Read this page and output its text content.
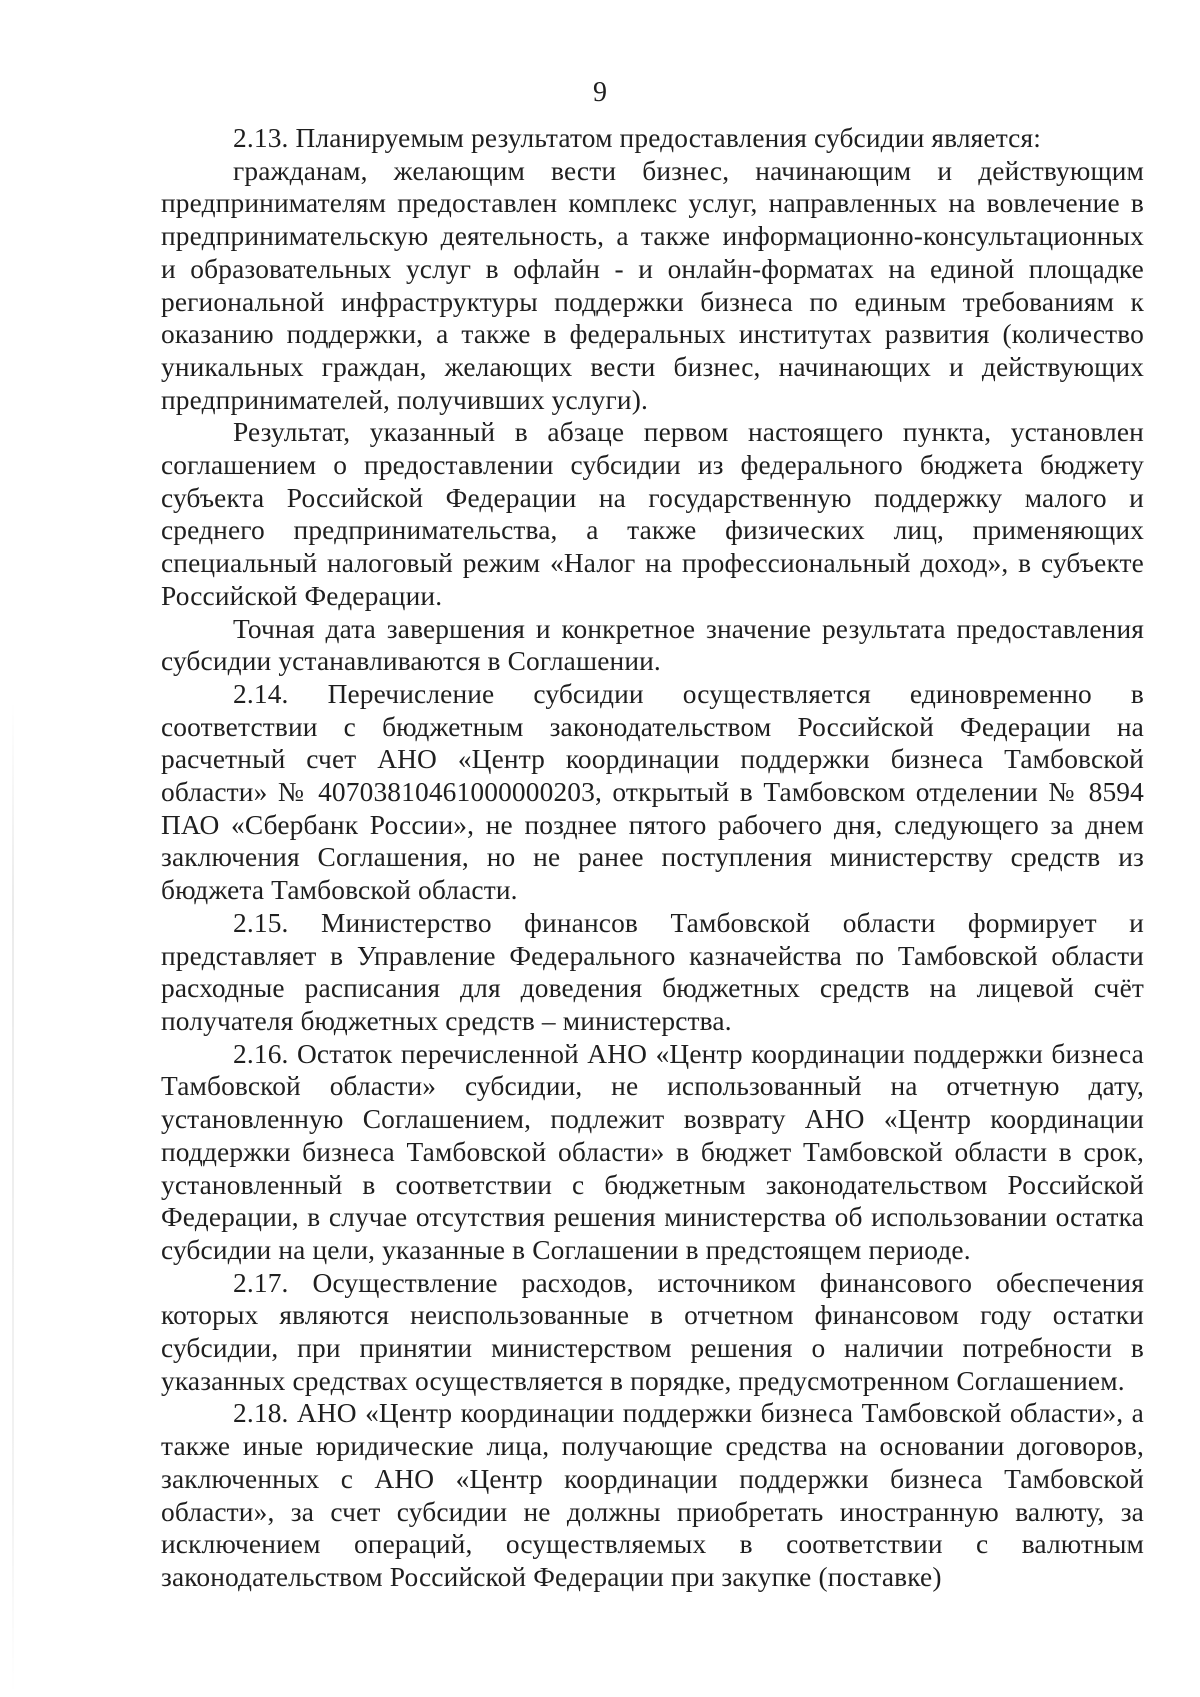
9

2.13. Планируемым результатом предоставления субсидии является:

гражданам, желающим вести бизнес, начинающим и действующим предпринимателям предоставлен комплекс услуг, направленных на вовлечение в предпринимательскую деятельность, а также информационно-консультационных и образовательных услуг в офлайн - и онлайн-форматах на единой площадке региональной инфраструктуры поддержки бизнеса по единым требованиям к оказанию поддержки, а также в федеральных институтах развития (количество уникальных граждан, желающих вести бизнес, начинающих и действующих предпринимателей, получивших услуги).

Результат, указанный в абзаце первом настоящего пункта, установлен соглашением о предоставлении субсидии из федерального бюджета бюджету субъекта Российской Федерации на государственную поддержку малого и среднего предпринимательства, а также физических лиц, применяющих специальный налоговый режим «Налог на профессиональный доход», в субъекте Российской Федерации.

Точная дата завершения и конкретное значение результата предоставления субсидии устанавливаются в Соглашении.

2.14. Перечисление субсидии осуществляется единовременно в соответствии с бюджетным законодательством Российской Федерации на расчетный счет АНО «Центр координации поддержки бизнеса Тамбовской области» № 40703810461000000203, открытый в Тамбовском отделении № 8594 ПАО «Сбербанк России», не позднее пятого рабочего дня, следующего за днем заключения Соглашения, но не ранее поступления министерству средств из бюджета Тамбовской области.

2.15. Министерство финансов Тамбовской области формирует и представляет в Управление Федерального казначейства по Тамбовской области расходные расписания для доведения бюджетных средств на лицевой счёт получателя бюджетных средств – министерства.

2.16. Остаток перечисленной АНО «Центр координации поддержки бизнеса Тамбовской области» субсидии, не использованный на отчетную дату, установленную Соглашением, подлежит возврату АНО «Центр координации поддержки бизнеса Тамбовской области» в бюджет Тамбовской области в срок, установленный в соответствии с бюджетным законодательством Российской Федерации, в случае отсутствия решения министерства об использовании остатка субсидии на цели, указанные в Соглашении в предстоящем периоде.

2.17. Осуществление расходов, источником финансового обеспечения которых являются неиспользованные в отчетном финансовом году остатки субсидии, при принятии министерством решения о наличии потребности в указанных средствах осуществляется в порядке, предусмотренном Соглашением.

2.18. АНО «Центр координации поддержки бизнеса Тамбовской области», а также иные юридические лица, получающие средства на основании договоров, заключенных с АНО «Центр координации поддержки бизнеса Тамбовской области», за счет субсидии не должны приобретать иностранную валюту, за исключением операций, осуществляемых в соответствии с валютным законодательством Российской Федерации при закупке (поставке)
